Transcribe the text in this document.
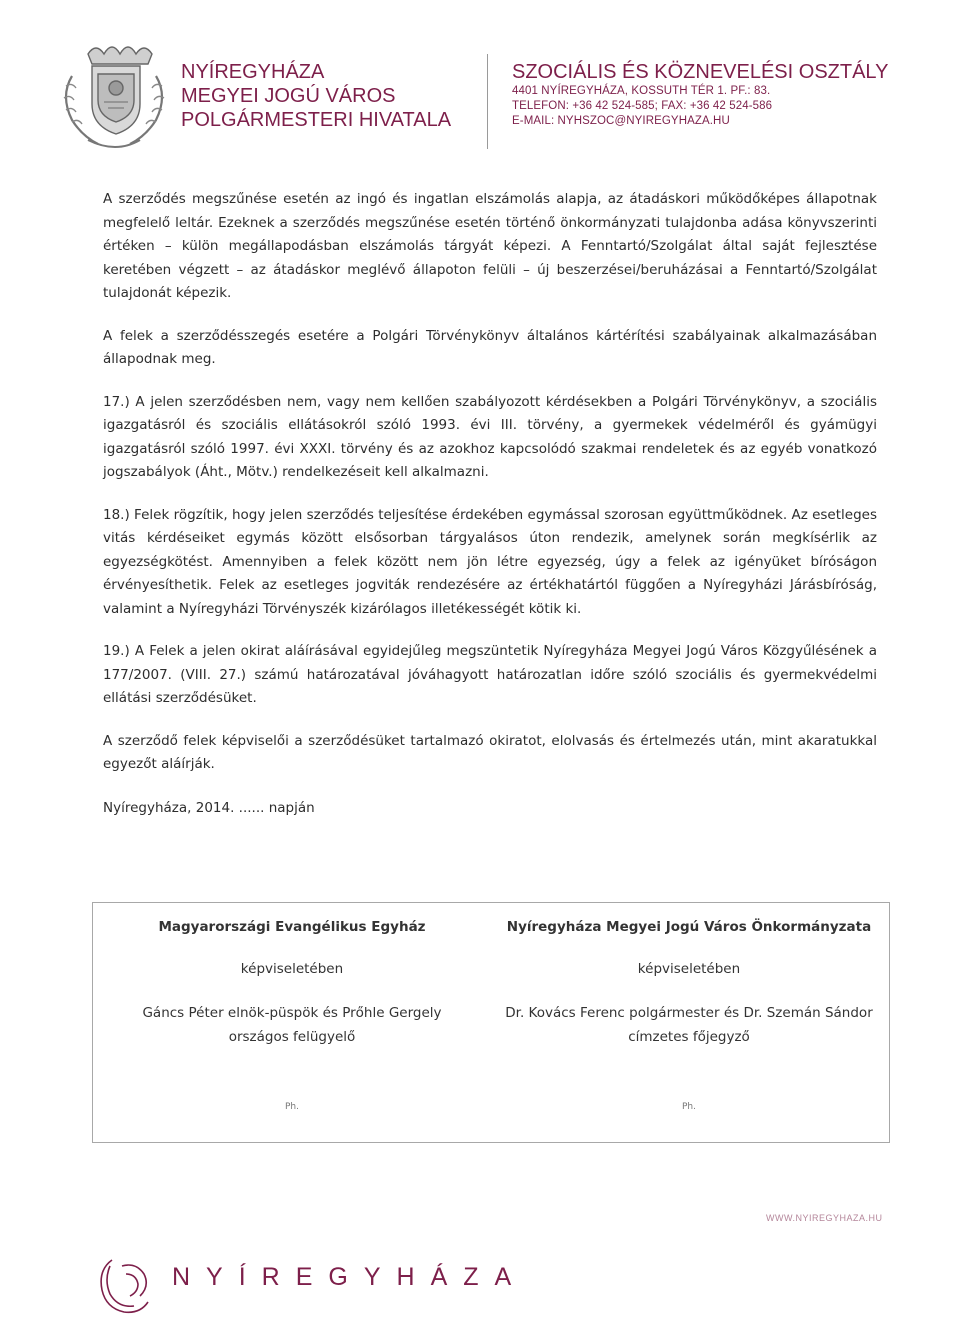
NYÍREGYHÁZA
MEGYEI JOGÚ VÁROS
POLGÁRMESTERI HIVATALA
SZOCIÁLIS ÉS KÖZNEVELÉSI OSZTÁLY
4401 NYÍREGYHÁZA, KOSSUTH TÉR 1. PF.: 83.
TELEFON: +36 42 524-585; FAX: +36 42 524-586
E-MAIL: NYHSZOC@NYIREGYHAZA.HU

A szerződés megszűnése esetén az ingó és ingatlan elszámolás alapja, az átadáskori működőképes állapotnak megfelelő leltár. Ezeknek a szerződés megszűnése esetén történő önkormányzati tulajdonba adása könyvszerinti értéken – külön megállapodásban elszámolás tárgyát képezi. A Fenntartó/Szolgálat által saját fejlesztése keretében végzett – az átadáskor meglévő állapoton felüli – új beszerzései/beruházásai a Fenntartó/Szolgálat tulajdonát képezik.

A felek a szerződésszegés esetére a Polgári Törvénykönyv általános kártérítési szabályainak alkalmazásában állapodnak meg.

17.) A jelen szerződésben nem, vagy nem kellően szabályozott kérdésekben a Polgári Törvénykönyv, a szociális igazgatásról és szociális ellátásokról szóló 1993. évi III. törvény, a gyermekek védelméről és gyámügyi igazgatásról szóló 1997. évi XXXI. törvény és az azokhoz kapcsolódó szakmai rendeletek és az egyéb vonatkozó jogszabályok (Áht., Mötv.) rendelkezéseit kell alkalmazni.

18.) Felek rögzítik, hogy jelen szerződés teljesítése érdekében egymással szorosan együttműködnek. Az esetleges vitás kérdéseiket egymás között elsősorban tárgyalásos úton rendezik, amelynek során megkísérlik az egyezségkötést. Amennyiben a felek között nem jön létre egyezség, úgy a felek az igényüket bíróságon érvényesíthetik. Felek az esetleges jogviták rendezésére az értékhatártól függően a Nyíregyházi Járásbíróság, valamint a Nyíregyházi Törvényszék kizárólagos illetékességét kötik ki.

19.) A Felek a jelen okirat aláírásával egyidejűleg megszüntetik Nyíregyháza Megyei Jogú Város Közgyűlésének a 177/2007. (VIII. 27.) számú határozatával jóváhagyott határozatlan időre szóló szociális és gyermekvédelmi ellátási szerződésüket.

A szerződő felek képviselői a szerződésüket tartalmazó okiratot, elolvasás és értelmezés után, mint akaratukkal egyezőt aláírják.

Nyíregyháza, 2014. ...... napján

Magyarországi Evangélikus Egyház
képviseletében
Gáncs Péter elnök-püspök és Prőhle Gergely
országos felügyelő
Ph.
Nyíregyháza Megyei Jogú Város Önkormányzata
képviseletében
Dr. Kovács Ferenc polgármester és Dr. Szemán Sándor
címzetes főjegyző
Ph.
WWW.NYIREGYHAZA.HU
NYÍREGYHÁZA
